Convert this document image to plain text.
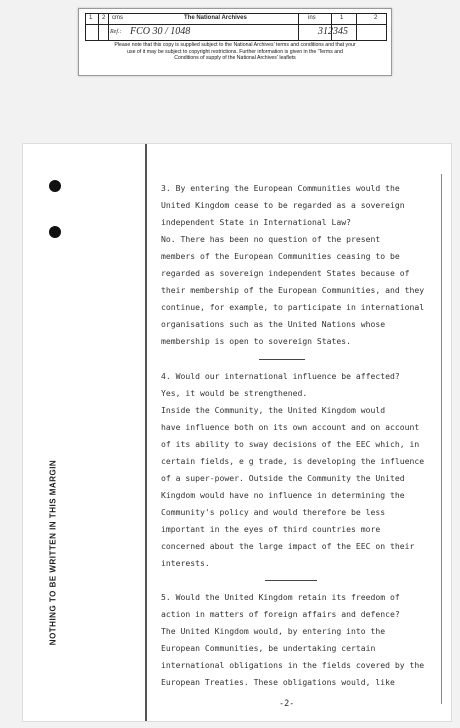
1 2 cms	The National Archives	ins	1	2
Ref.: FCO 30 / 1048	312345
Please note that this copy is supplied subject to the National Archives' terms and conditions and that your
use of it may be subject to copyright restrictions. Further information is given in the 'Terms and
Conditions of supply of the National Archives' leaflets
NOTHING TO BE WRITTEN IN THIS MARGIN
3. By entering the European Communities would the
United Kingdom cease to be regarded as a sovereign
independent State in International Law?
No. There has been no question of the present
members of the European Communities ceasing to be
regarded as sovereign independent States because of
their membership of the European Communities, and they
continue, for example, to participate in international
organisations such as the United Nations whose
membership is open to sovereign States.
4. Would our international influence be affected?
Yes, it would be strengthened.
Inside the Community, the United Kingdom would
have influence both on its own account and on account
of its ability to sway decisions of the EEC which, in
certain fields, e g trade, is developing the influence
of a super-power. Outside the Community the United
Kingdom would have no influence in determining the
Community's policy and would therefore be less
important in the eyes of third countries more
concerned about the large impact of the EEC on their
interests.
5. Would the United Kingdom retain its freedom of
action in matters of foreign affairs and defence?
The United Kingdom would, by entering into the
European Communities, be undertaking certain
international obligations in the fields covered by the
European Treaties. These obligations would, like
-2-
